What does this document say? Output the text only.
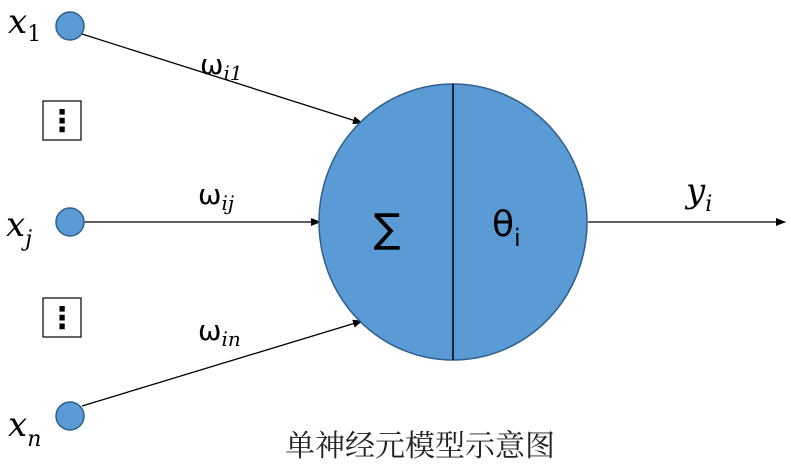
$x_1$
$x_j$
$x_n$
⋮
⋮
$\omega_{i1}$
$\omega_{ij}$
$\omega_{in}$
∑	$\theta_i$
$y_i$
单神经元模型示意图
